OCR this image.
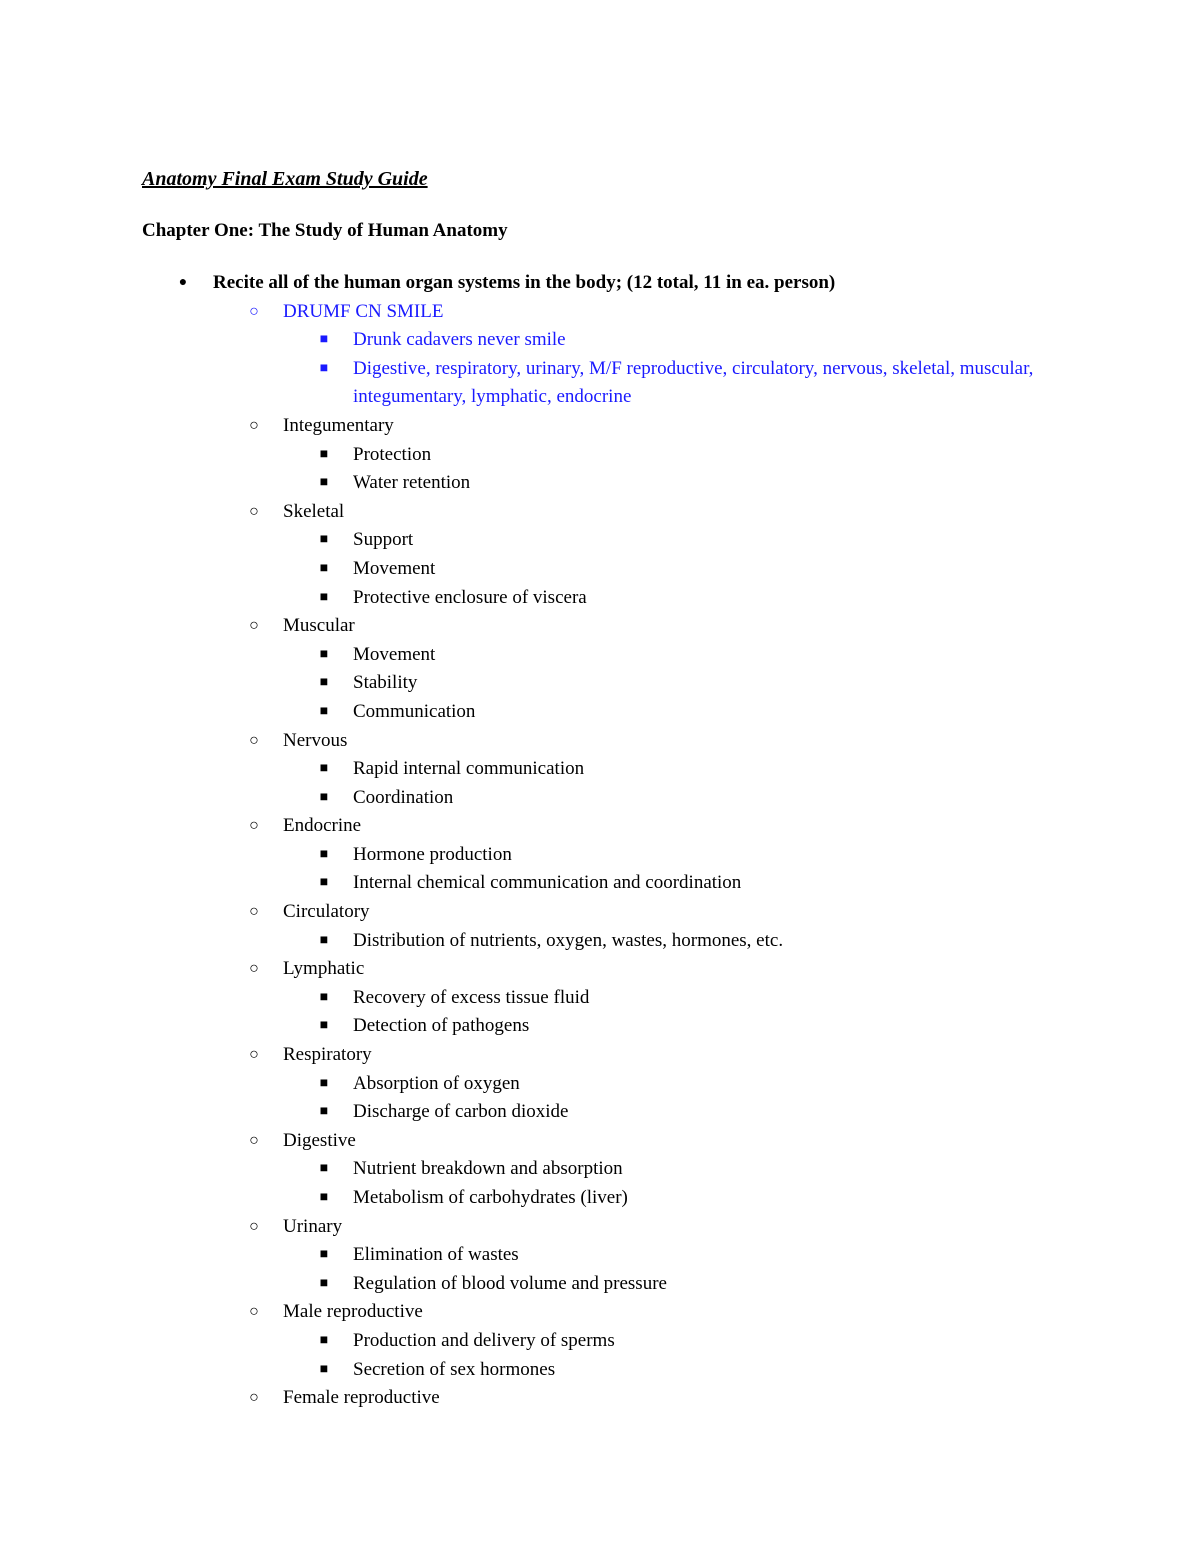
Anatomy Final Exam Study Guide
Chapter One: The Study of Human Anatomy
● Recite all of the human organ systems in the body; (12 total, 11 in ea. person)
○ DRUMF CN SMILE
■ Drunk cadavers never smile
■ Digestive, respiratory, urinary, M/F reproductive, circulatory, nervous, skeletal, muscular, integumentary, lymphatic, endocrine
○ Integumentary
■ Protection
■ Water retention
○ Skeletal
■ Support
■ Movement
■ Protective enclosure of viscera
○ Muscular
■ Movement
■ Stability
■ Communication
○ Nervous
■ Rapid internal communication
■ Coordination
○ Endocrine
■ Hormone production
■ Internal chemical communication and coordination
○ Circulatory
■ Distribution of nutrients, oxygen, wastes, hormones, etc.
○ Lymphatic
■ Recovery of excess tissue fluid
■ Detection of pathogens
○ Respiratory
■ Absorption of oxygen
■ Discharge of carbon dioxide
○ Digestive
■ Nutrient breakdown and absorption
■ Metabolism of carbohydrates (liver)
○ Urinary
■ Elimination of wastes
■ Regulation of blood volume and pressure
○ Male reproductive
■ Production and delivery of sperms
■ Secretion of sex hormones
○ Female reproductive
